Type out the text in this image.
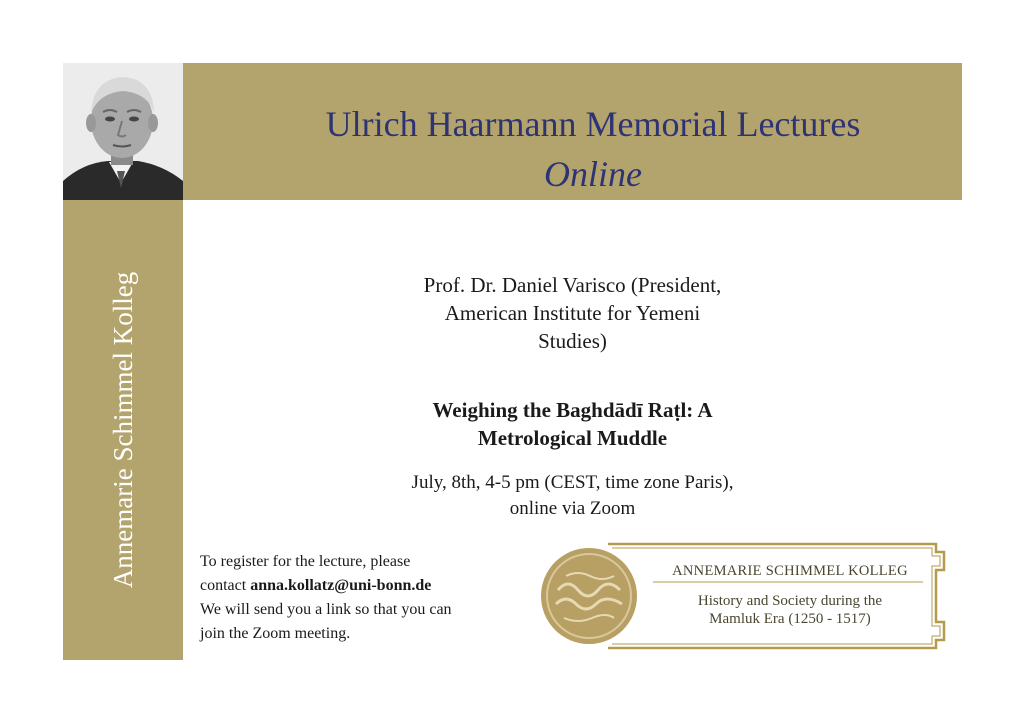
Ulrich Haarmann Memorial Lectures
Online
Annemarie Schimmel Kolleg	Prof. Dr. Daniel Varisco (President,
American Institute for Yemeni
Studies)
Weighing the Baghdādī Raṭl: A
Metrological Muddle
July, 8th, 4-5 pm (CEST, time zone Paris),
online via Zoom
To register for the lecture, please
contact anna.kollatz@uni-bonn.de
We will send you a link so that you can
join the Zoom meeting.
ANNEMARIE SCHIMMEL KOLLEG
History and Society during the
Mamluk Era (1250 - 1517)
